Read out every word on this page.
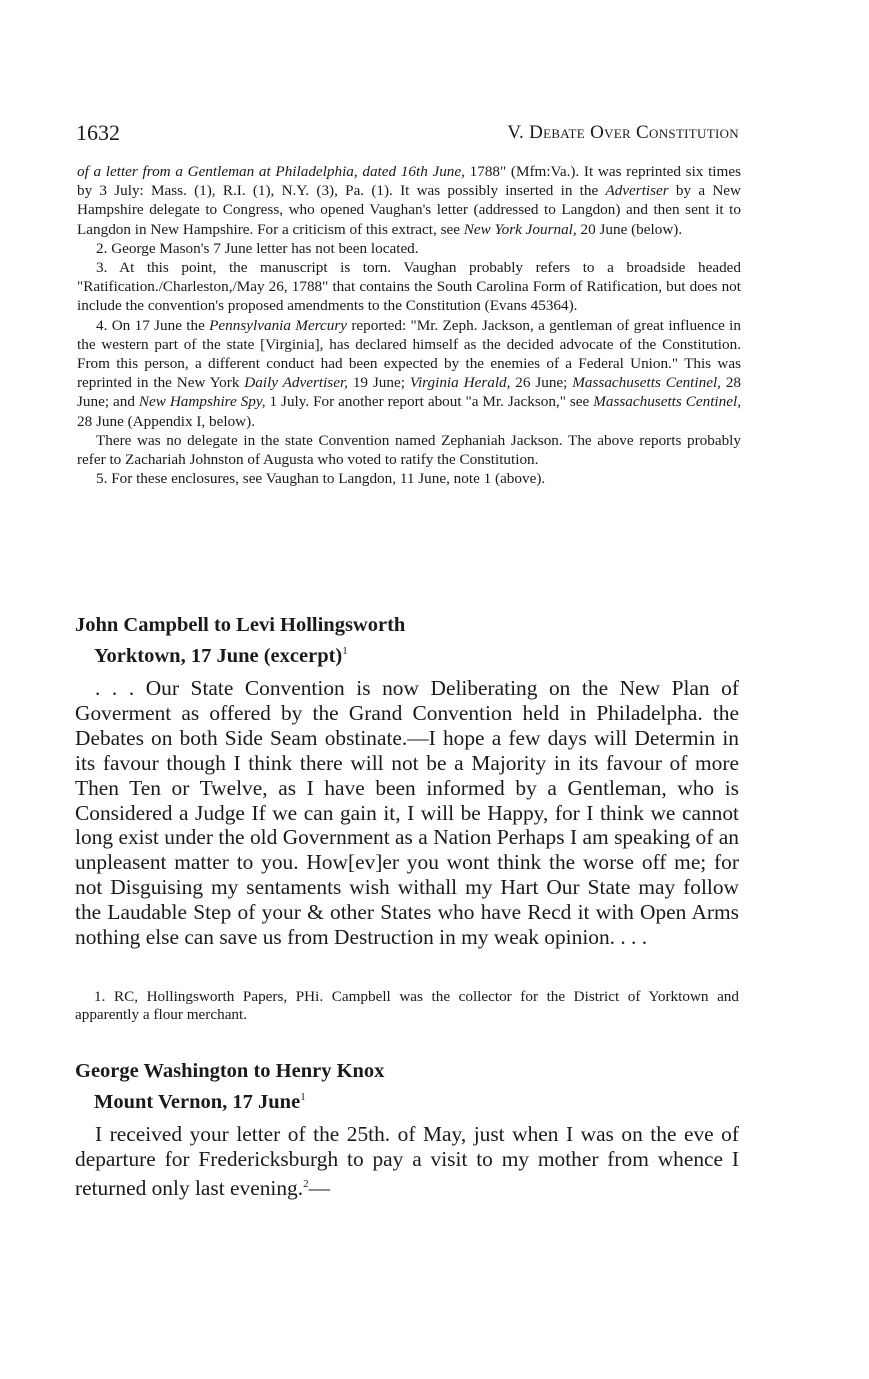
1632	V. Debate Over Constitution

of a letter from a Gentleman at Philadelphia, dated 16th June, 1788" (Mfm:Va.). It was reprinted six times by 3 July: Mass. (1), R.I. (1), N.Y. (3), Pa. (1). It was possibly inserted in the Advertiser by a New Hampshire delegate to Congress, who opened Vaughan's letter (addressed to Langdon) and then sent it to Langdon in New Hampshire. For a criticism of this extract, see New York Journal, 20 June (below).

2. George Mason's 7 June letter has not been located.

3. At this point, the manuscript is torn. Vaughan probably refers to a broadside headed "Ratification./Charleston,/May 26, 1788" that contains the South Carolina Form of Ratification, but does not include the convention's proposed amendments to the Constitution (Evans 45364).

4. On 17 June the Pennsylvania Mercury reported: "Mr. Zeph. Jackson, a gentleman of great influence in the western part of the state [Virginia], has declared himself as the decided advocate of the Constitution. From this person, a different conduct had been expected by the enemies of a Federal Union." This was reprinted in the New York Daily Advertiser, 19 June; Virginia Herald, 26 June; Massachusetts Centinel, 28 June; and New Hampshire Spy, 1 July. For another report about "a Mr. Jackson," see Massachusetts Centinel, 28 June (Appendix I, below).

There was no delegate in the state Convention named Zephaniah Jackson. The above reports probably refer to Zachariah Johnston of Augusta who voted to ratify the Constitution.

5. For these enclosures, see Vaughan to Langdon, 11 June, note 1 (above).

John Campbell to Levi Hollingsworth
Yorktown, 17 June (excerpt)$^1$

. . . Our State Convention is now Deliberating on the New Plan of Goverment as offered by the Grand Convention held in Philadelpha. the Debates on both Side Seam obstinate.—I hope a few days will Determin in its favour though I think there will not be a Majority in its favour of more Then Ten or Twelve, as I have been informed by a Gentleman, who is Considered a Judge If we can gain it, I will be Happy, for I think we cannot long exist under the old Government as a Nation Perhaps I am speaking of an unpleasent matter to you. How[ev]er you wont think the worse off me; for not Disguising my sentaments wish withall my Hart Our State may follow the Laudable Step of your & other States who have Recd it with Open Arms nothing else can save us from Destruction in my weak opinion. . . .

1. RC, Hollingsworth Papers, PHi. Campbell was the collector for the District of Yorktown and apparently a flour merchant.

George Washington to Henry Knox
Mount Vernon, 17 June$^1$

I received your letter of the 25th. of May, just when I was on the eve of departure for Fredericksburgh to pay a visit to my mother from whence I returned only last evening.$^2$—
